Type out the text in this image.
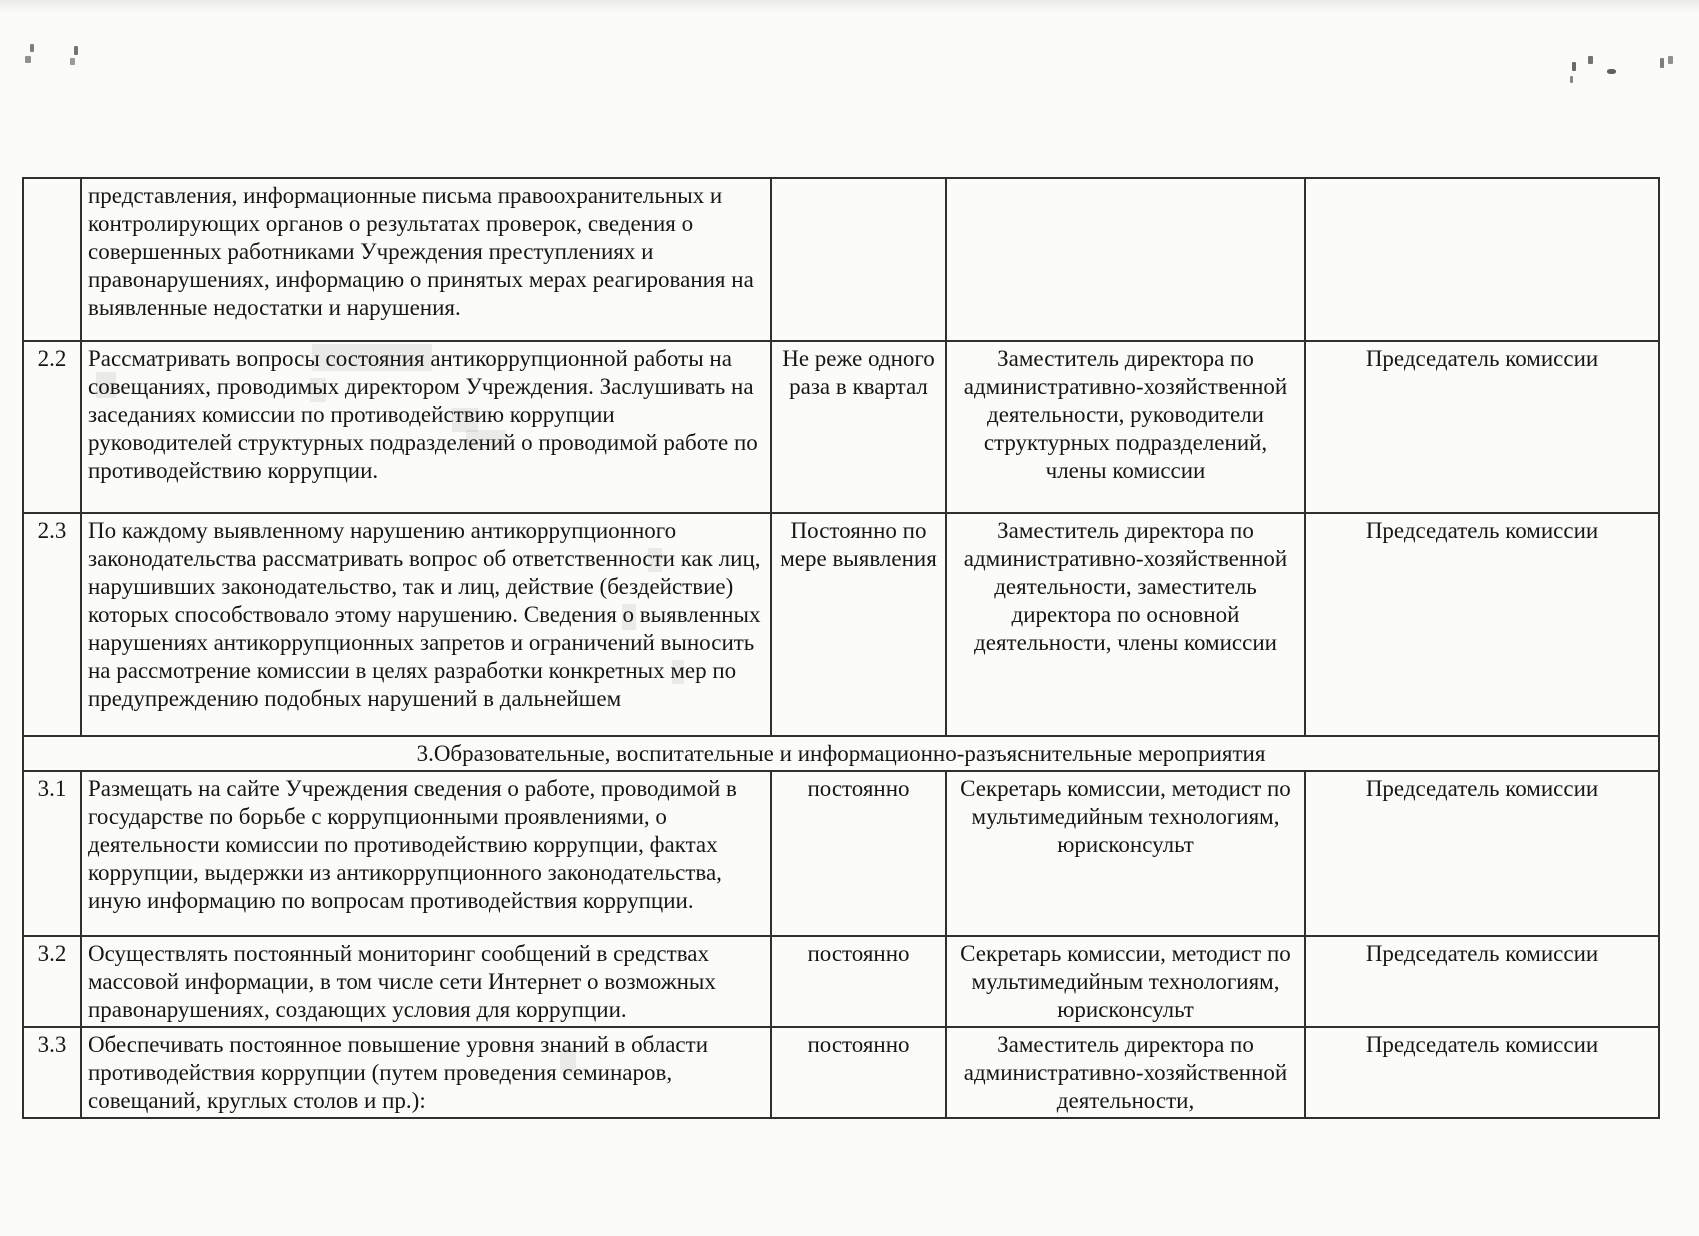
	представления, информационные письма правоохранительных и контролирующих органов о результатах проверок, сведения о совершенных работниками Учреждения преступлениях и правонарушениях, информацию о принятых мерах реагирования на выявленные недостатки и нарушения.			
2.2	Рассматривать вопросы состояния антикоррупционной работы на совещаниях, проводимых директором Учреждения. Заслушивать на заседаниях комиссии по противодействию коррупции руководителей структурных подразделений о проводимой работе по противодействию коррупции.	Не реже одного раза в квартал	Заместитель директора по административно-хозяйственной деятельности, руководители структурных подразделений, члены комиссии	Председатель комиссии
2.3	По каждому выявленному нарушению антикоррупционного законодательства рассматривать вопрос об ответственности как лиц, нарушивших законодательство, так и лиц, действие (бездействие) которых способствовало этому нарушению. Сведения о выявленных нарушениях антикоррупционных запретов и ограничений выносить на рассмотрение комиссии в целях разработки конкретных мер по предупреждению подобных нарушений в дальнейшем	Постоянно по мере выявления	Заместитель директора по административно-хозяйственной деятельности, заместитель директора по основной деятельности, члены комиссии	Председатель комиссии
3.Образовательные, воспитательные и информационно-разъяснительные мероприятия				
3.1	Размещать на сайте Учреждения сведения о работе, проводимой в государстве по борьбе с коррупционными проявлениями, о деятельности комиссии по противодействию коррупции, фактах коррупции, выдержки из антикоррупционного законодательства, иную информацию по вопросам противодействия коррупции.	постоянно	Секретарь комиссии, методист по мультимедийным технологиям, юрисконсульт	Председатель комиссии
3.2	Осуществлять постоянный мониторинг сообщений в средствах массовой информации, в том числе сети Интернет о возможных правонарушениях, создающих условия для коррупции.	постоянно	Секретарь комиссии, методист по мультимедийным технологиям, юрисконсульт	Председатель комиссии
3.3	Обеспечивать постоянное повышение уровня знаний в области противодействия коррупции (путем проведения семинаров, совещаний, круглых столов и пр.):	постоянно	Заместитель директора по административно-хозяйственной деятельности,	Председатель комиссии
